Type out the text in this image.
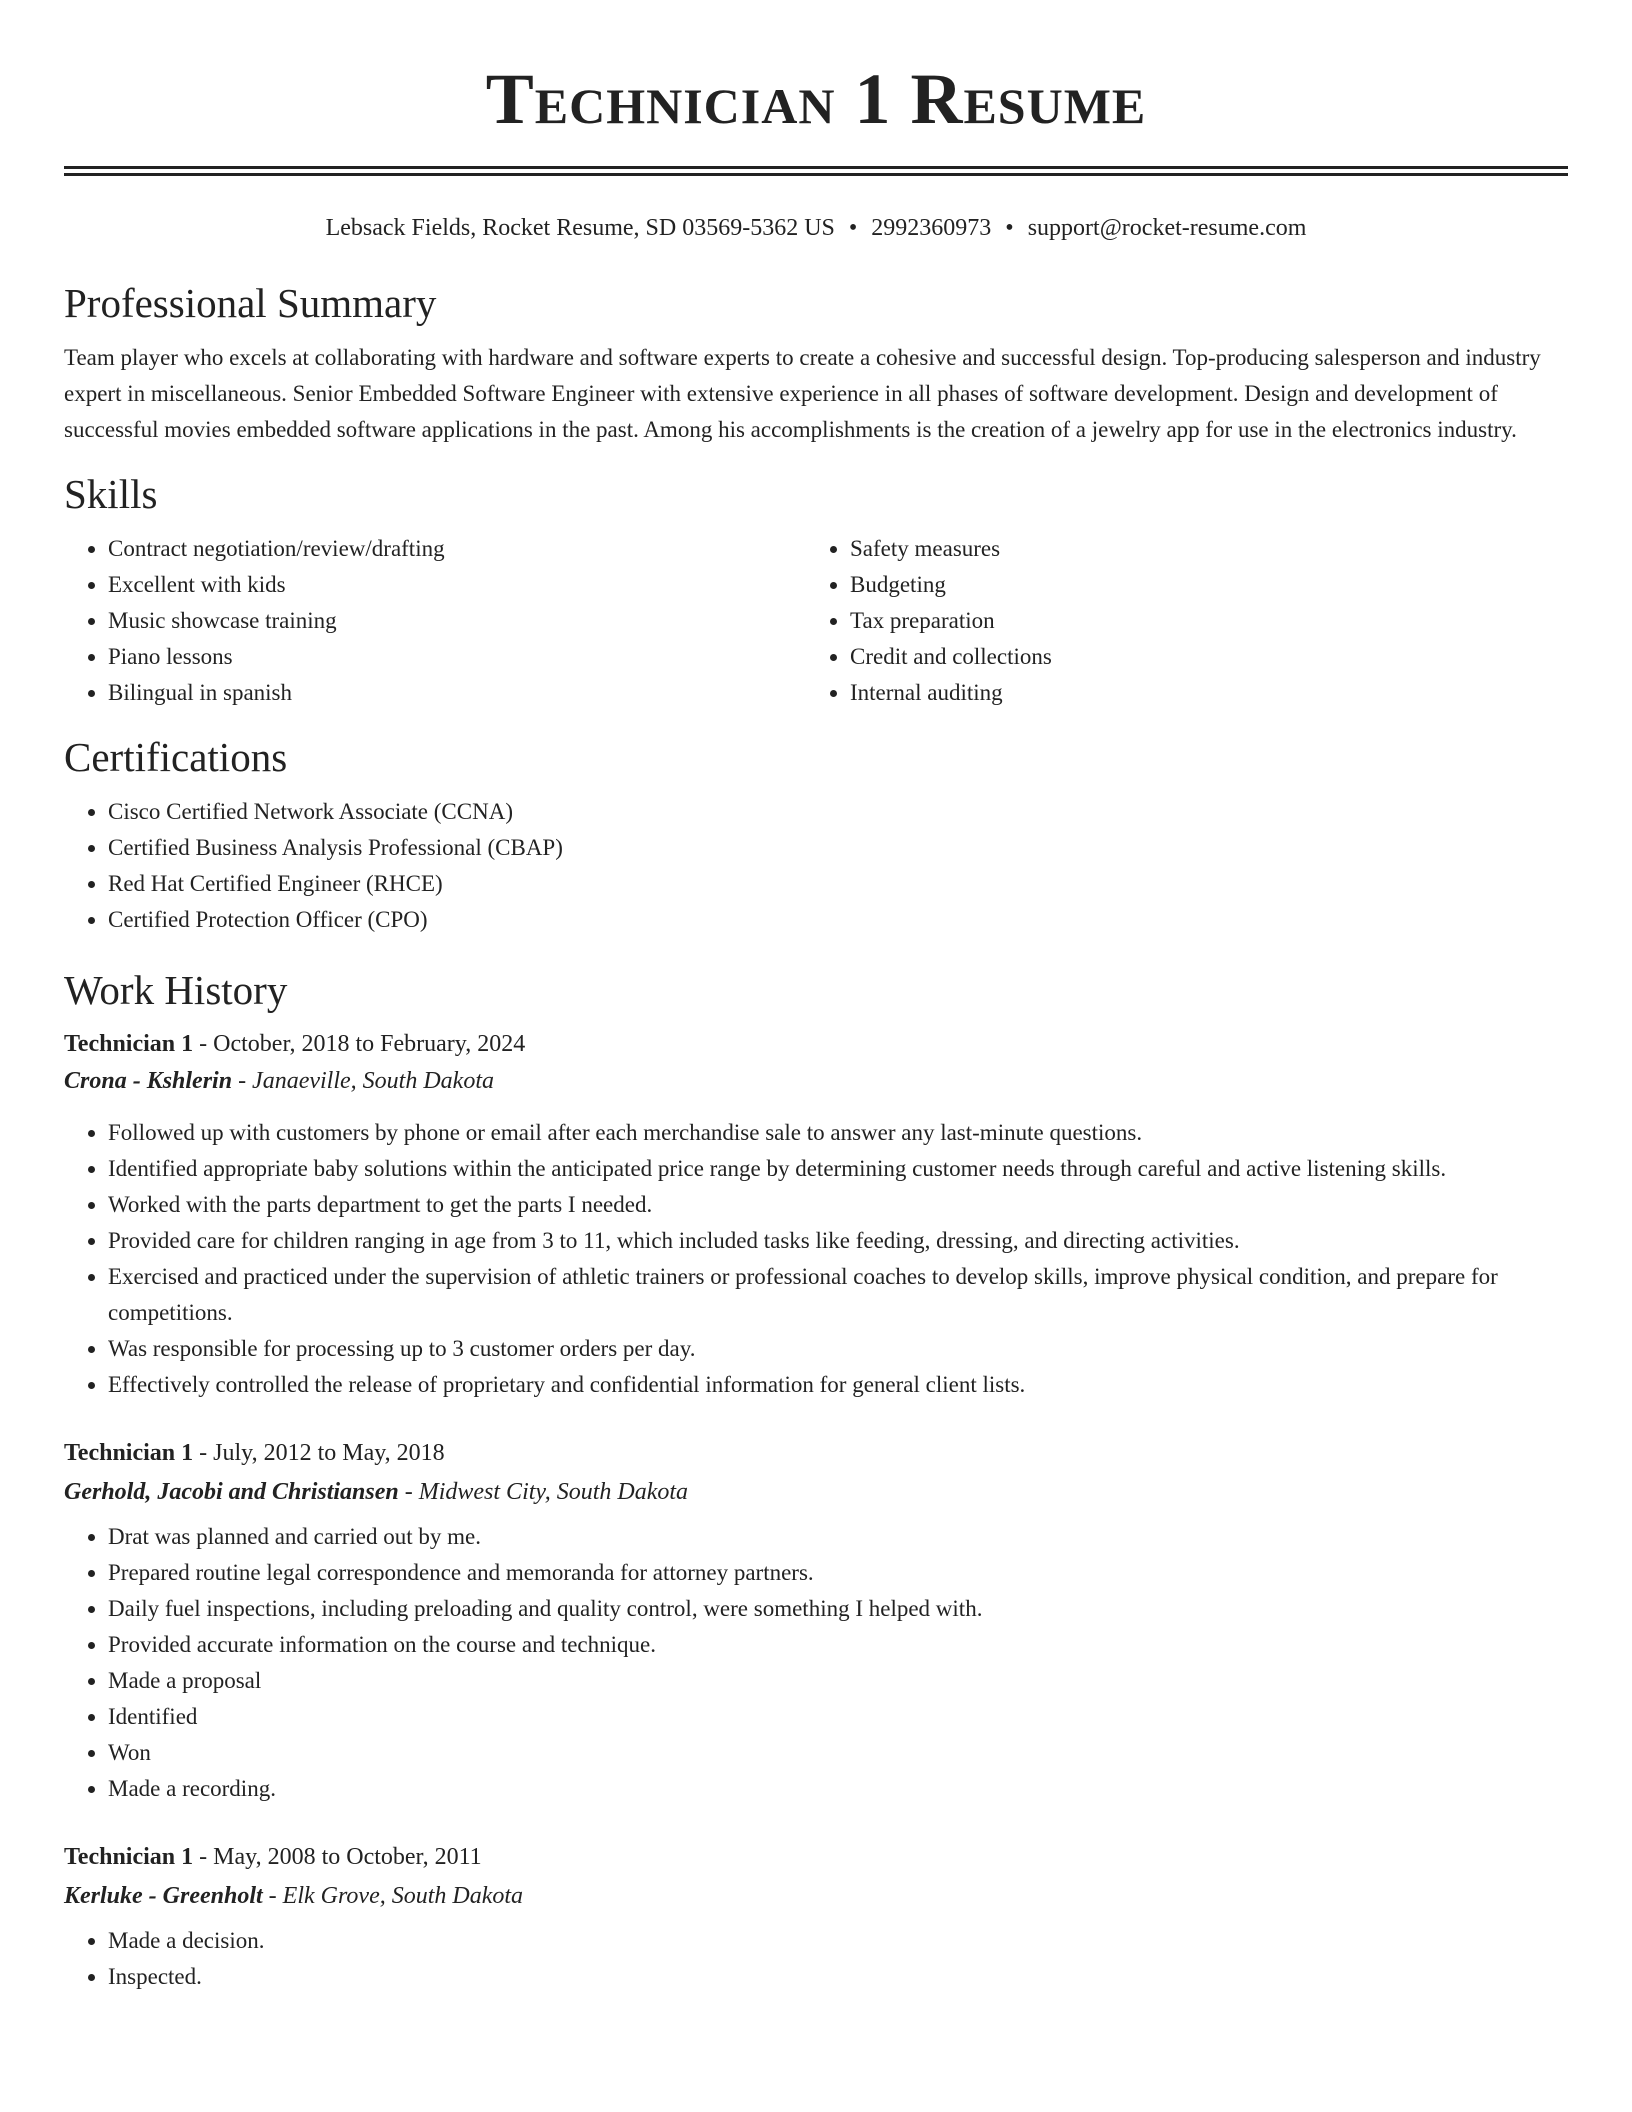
Technician 1 Resume
Lebsack Fields, Rocket Resume, SD 03569-5362 US • 2992360973 • support@rocket-resume.com
Professional Summary

Team player who excels at collaborating with hardware and software experts to create a cohesive and successful design. Top-producing salesperson and industry expert in miscellaneous. Senior Embedded Software Engineer with extensive experience in all phases of software development. Design and development of successful movies embedded software applications in the past. Among his accomplishments is the creation of a jewelry app for use in the electronics industry.

Skills
• Contract negotiation/review/drafting
• Excellent with kids
• Music showcase training
• Piano lessons
• Bilingual in spanish
• Safety measures
• Budgeting
• Tax preparation
• Credit and collections
• Internal auditing
Certifications
• Cisco Certified Network Associate (CCNA)
• Certified Business Analysis Professional (CBAP)
• Red Hat Certified Engineer (RHCE)
• Certified Protection Officer (CPO)
Work History

Technician 1 - October, 2018 to February, 2024

Crona - Kshlerin - Janaeville, South Dakota

• Followed up with customers by phone or email after each merchandise sale to answer any last-minute questions.
• Identified appropriate baby solutions within the anticipated price range by determining customer needs through careful and active listening skills.
• Worked with the parts department to get the parts I needed.
• Provided care for children ranging in age from 3 to 11, which included tasks like feeding, dressing, and directing activities.
• Exercised and practiced under the supervision of athletic trainers or professional coaches to develop skills, improve physical condition, and prepare for competitions.
• Was responsible for processing up to 3 customer orders per day.
• Effectively controlled the release of proprietary and confidential information for general client lists.

Technician 1 - July, 2012 to May, 2018

Gerhold, Jacobi and Christiansen - Midwest City, South Dakota

• Drat was planned and carried out by me.
• Prepared routine legal correspondence and memoranda for attorney partners.
• Daily fuel inspections, including preloading and quality control, were something I helped with.
• Provided accurate information on the course and technique.
• Made a proposal
• Identified
• Won
• Made a recording.

Technician 1 - May, 2008 to October, 2011

Kerluke - Greenholt - Elk Grove, South Dakota

• Made a decision.
• Inspected.
